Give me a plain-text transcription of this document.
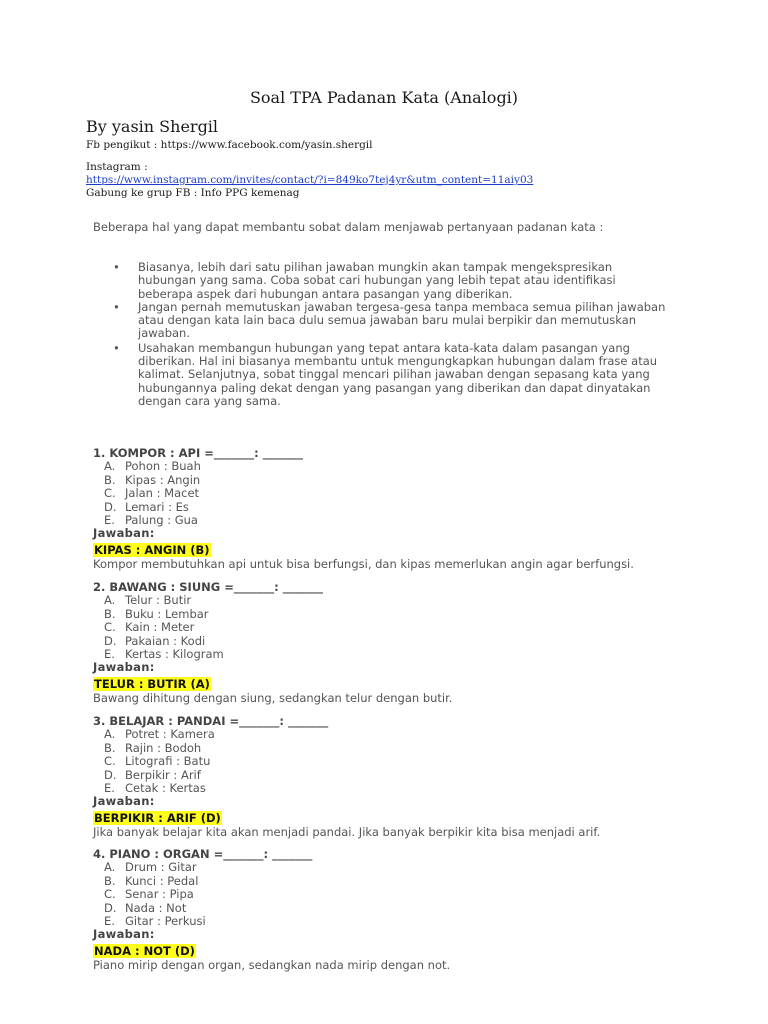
Soal TPA Padanan Kata (Analogi)
By yasin Shergil
Fb pengikut : https://www.facebook.com/yasin.shergil
Instagram :
https://www.instagram.com/invites/contact/?i=849ko7tej4yr&utm_content=11aiy03
Gabung ke grup FB : Info PPG kemenag
Beberapa hal yang dapat membantu sobat dalam menjawab pertanyaan padanan kata :
• Biasanya, lebih dari satu pilihan jawaban mungkin akan tampak mengekspresikan
hubungan yang sama. Coba sobat cari hubungan yang lebih tepat atau identifikasi
beberapa aspek dari hubungan antara pasangan yang diberikan.
• Jangan pernah memutuskan jawaban tergesa-gesa tanpa membaca semua pilihan jawaban
atau dengan kata lain baca dulu semua jawaban baru mulai berpikir dan memutuskan
jawaban.
• Usahakan membangun hubungan yang tepat antara kata-kata dalam pasangan yang
diberikan. Hal ini biasanya membantu untuk mengungkapkan hubungan dalam frase atau
kalimat. Selanjutnya, sobat tinggal mencari pilihan jawaban dengan sepasang kata yang
hubungannya paling dekat dengan yang pasangan yang diberikan dan dapat dinyatakan
dengan cara yang sama.
1. KOMPOR : API =_______: _______
A. Pohon : Buah
B. Kipas : Angin
C. Jalan : Macet
D. Lemari : Es
E. Palung : Gua
Jawaban:
KIPAS : ANGIN (B)
Kompor membutuhkan api untuk bisa berfungsi, dan kipas memerlukan angin agar berfungsi.
2. BAWANG : SIUNG =_______: _______
A. Telur : Butir
B. Buku : Lembar
C. Kain : Meter
D. Pakaian : Kodi
E. Kertas : Kilogram
Jawaban:
TELUR : BUTIR (A)
Bawang dihitung dengan siung, sedangkan telur dengan butir.
3. BELAJAR : PANDAI =_______: _______
A. Potret : Kamera
B. Rajin : Bodoh
C. Litografi : Batu
D. Berpikir : Arif
E. Cetak : Kertas
Jawaban:
BERPIKIR : ARIF (D)
Jika banyak belajar kita akan menjadi pandai. Jika banyak berpikir kita bisa menjadi arif.
4. PIANO : ORGAN =_______: _______
A. Drum : Gitar
B. Kunci : Pedal
C. Senar : Pipa
D. Nada : Not
E. Gitar : Perkusi
Jawaban:
NADA : NOT (D)
Piano mirip dengan organ, sedangkan nada mirip dengan not.
